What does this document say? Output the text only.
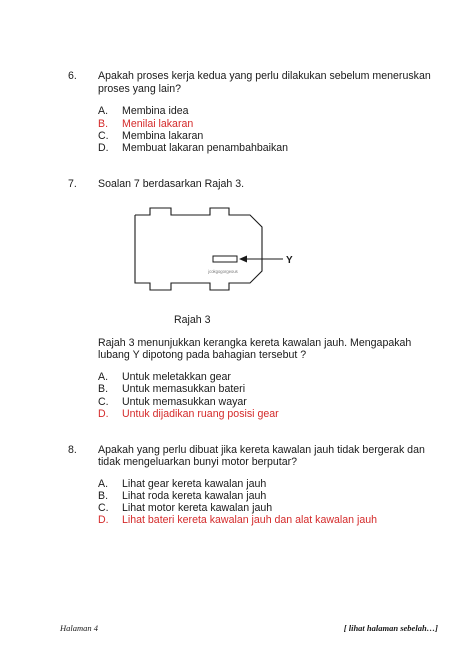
6. Apakah proses kerja kedua yang perlu dilakukan sebelum meneruskan
proses yang lain?
A. Membina idea
B. Menilai lakaran
C. Membina lakaran
D. Membuat lakaran penambahbaikan
7. Soalan 7 berdasarkan Rajah 3.
Y
jcokgogorgeous
Rajah 3
Rajah 3 menunjukkan kerangka kereta kawalan jauh. Mengapakah
lubang Y dipotong pada bahagian tersebut ?
A. Untuk meletakkan gear
B. Untuk memasukkan bateri
C. Untuk memasukkan wayar
D. Untuk dijadikan ruang posisi gear
8. Apakah yang perlu dibuat jika kereta kawalan jauh tidak bergerak dan
tidak mengeluarkan bunyi motor berputar?
A. Lihat gear kereta kawalan jauh
B. Lihat roda kereta kawalan jauh
C. Lihat motor kereta kawalan jauh
D. Lihat bateri kereta kawalan jauh dan alat kawalan jauh
Halaman 4	[ lihat halaman sebelah…]
